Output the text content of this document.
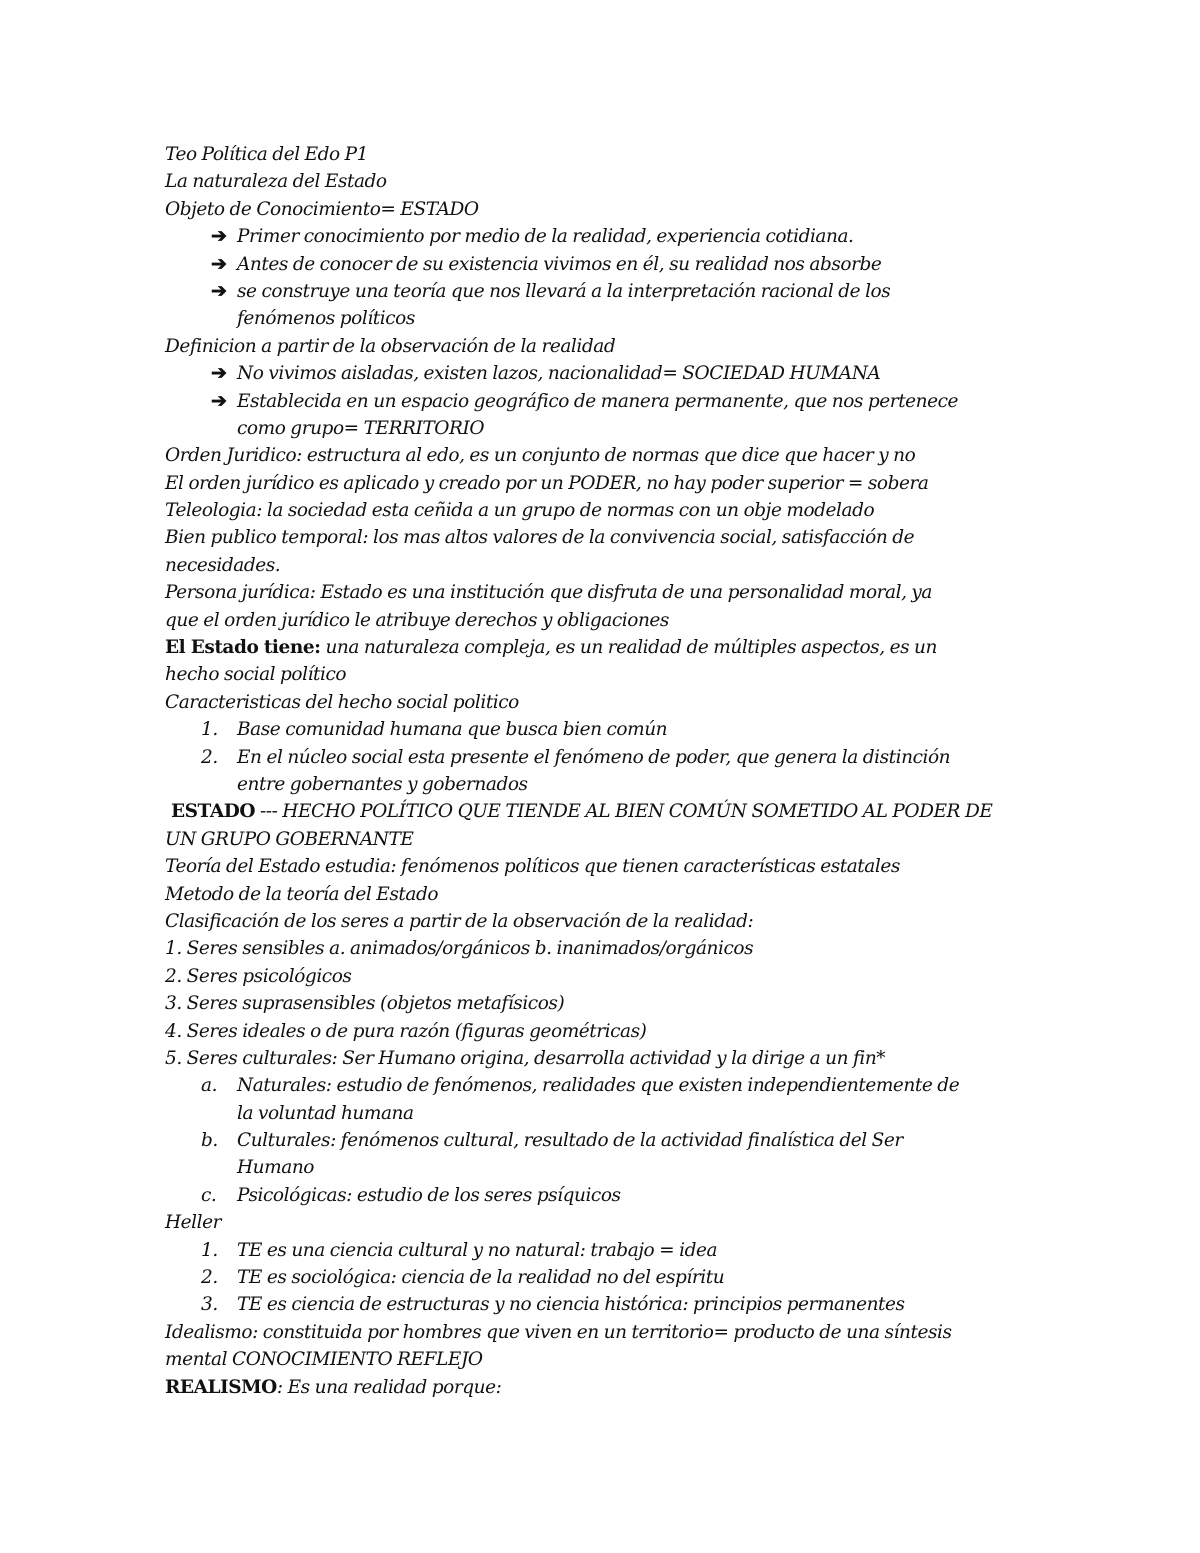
Teo Política del Edo P1
La naturaleza del Estado
Objeto de Conocimiento= ESTADO
➔ Primer conocimiento por medio de la realidad, experiencia cotidiana.
➔ Antes de conocer de su existencia vivimos en él, su realidad nos absorbe
➔ se construye una teoría que nos llevará a la interpretación racional de los
fenómenos políticos
Definicion a partir de la observación de la realidad
➔ No vivimos aisladas, existen lazos, nacionalidad= SOCIEDAD HUMANA
➔ Establecida en un espacio geográfico de manera permanente, que nos pertenece
como grupo= TERRITORIO
Orden Juridico: estructura al edo, es un conjunto de normas que dice que hacer y no
El orden jurídico es aplicado y creado por un PODER, no hay poder superior = sobera
Teleologia: la sociedad esta ceñida a un grupo de normas con un obje modelado
Bien publico temporal: los mas altos valores de la convivencia social, satisfacción de
necesidades.
Persona jurídica: Estado es una institución que disfruta de una personalidad moral, ya
que el orden jurídico le atribuye derechos y obligaciones
El Estado tiene: una naturaleza compleja, es un realidad de múltiples aspectos, es un
hecho social político
Caracteristicas del hecho social politico
1. Base comunidad humana que busca bien común
2. En el núcleo social esta presente el fenómeno de poder, que genera la distinción
entre gobernantes y gobernados
ESTADO --- HECHO POLÍTICO QUE TIENDE AL BIEN COMÚN SOMETIDO AL PODER DE
UN GRUPO GOBERNANTE
Teoría del Estado estudia: fenómenos políticos que tienen características estatales
Metodo de la teoría del Estado
Clasificación de los seres a partir de la observación de la realidad:
1. Seres sensibles a. animados/orgánicos b. inanimados/orgánicos
2. Seres psicológicos
3. Seres suprasensibles (objetos metafísicos)
4. Seres ideales o de pura razón (figuras geométricas)
5. Seres culturales: Ser Humano origina, desarrolla actividad y la dirige a un fin*
a. Naturales: estudio de fenómenos, realidades que existen independientemente de
la voluntad humana
b. Culturales: fenómenos cultural, resultado de la actividad finalística del Ser
Humano
c. Psicológicas: estudio de los seres psíquicos
Heller
1. TE es una ciencia cultural y no natural: trabajo = idea
2. TE es sociológica: ciencia de la realidad no del espíritu
3. TE es ciencia de estructuras y no ciencia histórica: principios permanentes
Idealismo: constituida por hombres que viven en un territorio= producto de una síntesis
mental CONOCIMIENTO REFLEJO
REALISMO: Es una realidad porque:
